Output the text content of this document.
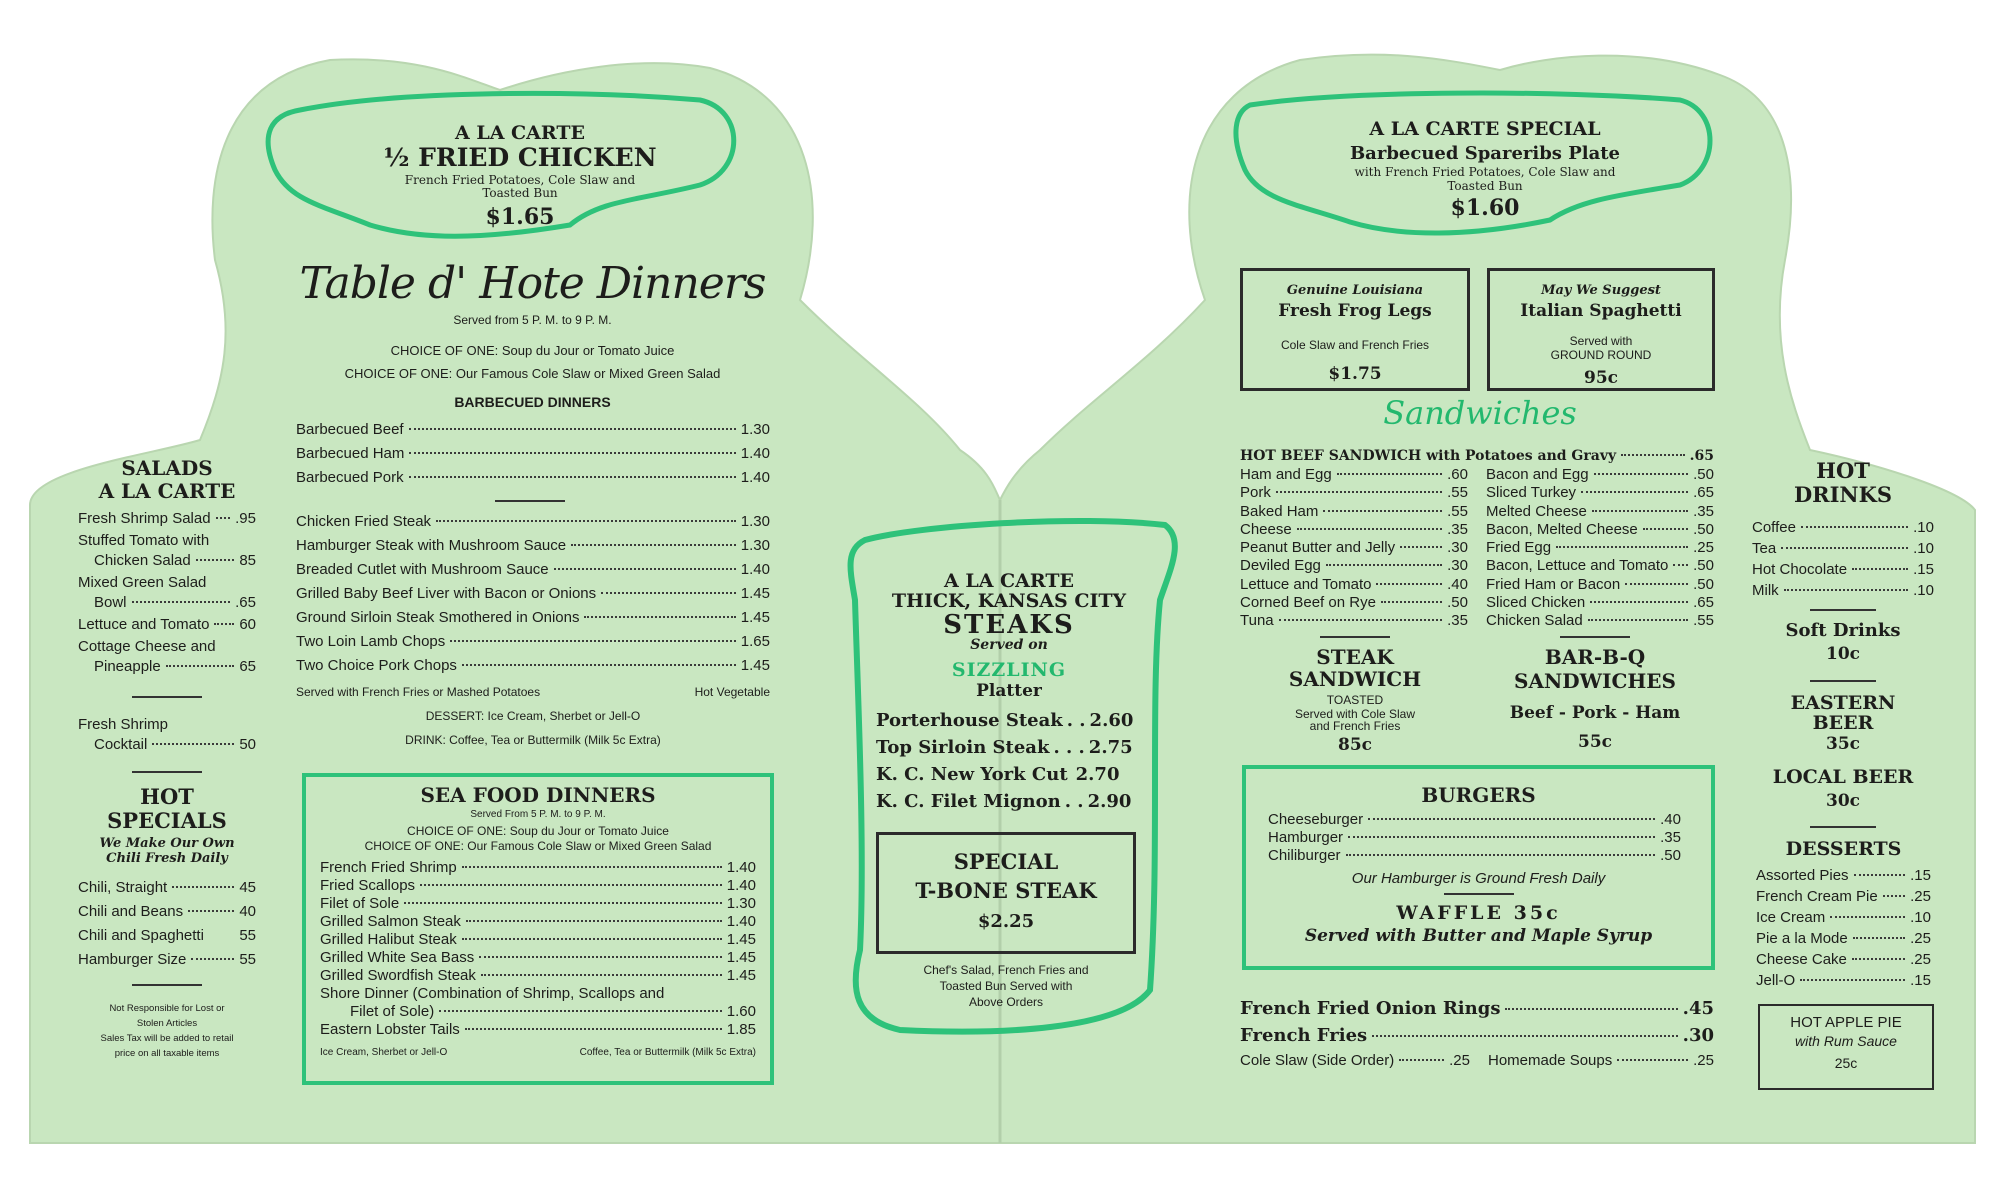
A LA CARTE
½ FRIED CHICKEN
French Fried Potatoes, Cole Slaw and Toasted Bun
$1.65
Table d' Hote Dinners
Served from 5 P. M. to 9 P. M.
CHOICE OF ONE: Soup du Jour or Tomato Juice
CHOICE OF ONE: Our Famous Cole Slaw or Mixed Green Salad
BARBECUED DINNERS
Barbecued Beef	1.30
Barbecued Ham	1.40
Barbecued Pork	1.40
Chicken Fried Steak	1.30
Hamburger Steak with Mushroom Sauce	1.30
Breaded Cutlet with Mushroom Sauce	1.40
Grilled Baby Beef Liver with Bacon or Onions	1.45
Ground Sirloin Steak Smothered in Onions	1.45
Two Loin Lamb Chops	1.65
Two Choice Pork Chops	1.45
Served with French Fries or Mashed Potatoes	Hot Vegetable
DESSERT: Ice Cream, Sherbet or Jell-O
DRINK: Coffee, Tea or Buttermilk (Milk 5c Extra)
SEA FOOD DINNERS
Served From 5 P. M. to 9 P. M.
CHOICE OF ONE: Soup du Jour or Tomato Juice
CHOICE OF ONE: Our Famous Cole Slaw or Mixed Green Salad
French Fried Shrimp	1.40
Fried Scallops	1.40
Filet of Sole	1.30
Grilled Salmon Steak	1.40
Grilled Halibut Steak	1.45
Grilled White Sea Bass	1.45
Grilled Swordfish Steak	1.45
Shore Dinner (Combination of Shrimp, Scallops and
Filet of Sole)	1.60
Eastern Lobster Tails	1.85
Ice Cream, Sherbet or Jell-O	Coffee, Tea or Buttermilk (Milk 5c Extra)
SALADS
A LA CARTE
Fresh Shrimp Salad .95
Stuffed Tomato with
Chicken Salad	85
Mixed Green Salad
Bowl	.65
Lettuce and Tomato 60
Cottage Cheese and
Pineapple	65
Fresh Shrimp
Cocktail	50
HOT
SPECIALS
We Make Our Own
Chili Fresh Daily
Chili, Straight	45
Chili and Beans	40
Chili and Spaghetti 55
Hamburger Size	55
Not Responsible for Lost or
Stolen Articles
Sales Tax will be added to retail
price on all taxable items
A LA CARTE
THICK, KANSAS CITY
STEAKS
Served on
SIZZLING
Platter
Porterhouse Steak . . 2.60
Top Sirloin Steak . . . 2.75
K. C. New York Cut 2.70
K. C. Filet Mignon . . 2.90
SPECIAL
T-BONE STEAK
$2.25
Chef's Salad, French Fries and
Toasted Bun Served with
Above Orders
A LA CARTE SPECIAL
Barbecued Spareribs Plate
with French Fried Potatoes, Cole Slaw and
Toasted Bun
$1.60
Genuine Louisiana
Fresh Frog Legs
Cole Slaw and French Fries
$1.75
May We Suggest
Italian Spaghetti
Served with
GROUND ROUND
95c
Sandwiches
HOT BEEF SANDWICH with Potatoes and Gravy	.65
Ham and Egg	.60
Pork	.55
Baked Ham	.55
Cheese	.35
Peanut Butter and Jelly	.30
Deviled Egg	.30
Lettuce and Tomato	.40
Corned Beef on Rye	.50
Tuna	.35
Bacon and Egg	.50
Sliced Turkey	.65
Melted Cheese	.35
Bacon, Melted Cheese	.50
Fried Egg	.25
Bacon, Lettuce and Tomato .50
Fried Ham or Bacon	.50
Sliced Chicken	.65
Chicken Salad	.55
STEAK
SANDWICH
TOASTED
Served with Cole Slaw
and French Fries
85c
BAR-B-Q
SANDWICHES
Beef - Pork - Ham
55c
BURGERS
Cheeseburger	.40
Hamburger	.35
Chiliburger	.50
Our Hamburger is Ground Fresh Daily
WAFFLE 35c
Served with Butter and Maple Syrup
French Fried Onion Rings	.45
French Fries	.30
Cole Slaw (Side Order)	.25 Homemade Soups	.25
HOT
DRINKS
Coffee	.10
Tea	.10
Hot Chocolate	.15
Milk	.10
Soft Drinks
10c
EASTERN
BEER
35c
LOCAL BEER
30c
DESSERTS
Assorted Pies	.15
French Cream Pie .25
Ice Cream	.10
Pie a la Mode	.25
Cheese Cake	.25
Jell-O	.15
HOT APPLE PIE
with Rum Sauce
25c
